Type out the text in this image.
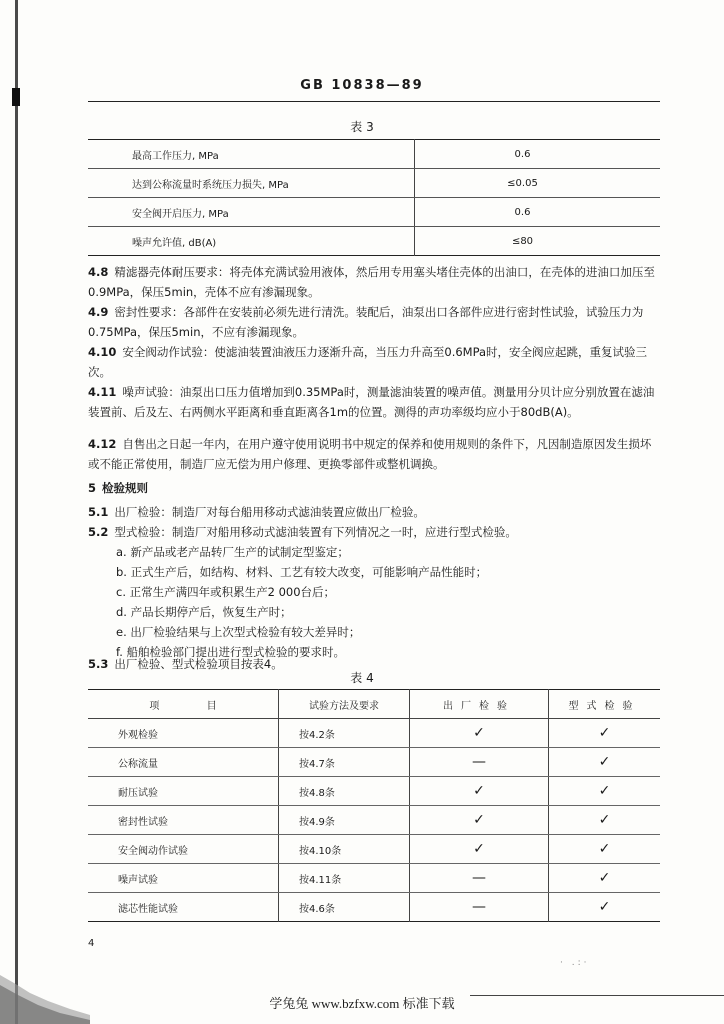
GB 10838—89
表 3
最高工作压力, MPa	0.6
达到公称流量时系统压力损失, MPa	≤0.05
安全阀开启压力, MPa	0.6
噪声允许值, dB(A)	≤80
4.8 精滤器壳体耐压要求：将壳体充满试验用液体，然后用专用塞头堵住壳体的出油口，在壳体的进油口加压至0.9MPa，保压5min，壳体不应有渗漏现象。
4.9 密封性要求：各部件在安装前必须先进行清洗。装配后，油泵出口各部件应进行密封性试验，试验压力为0.75MPa，保压5min，不应有渗漏现象。
4.10 安全阀动作试验：使滤油装置油液压力逐渐升高，当压力升高至0.6MPa时，安全阀应起跳，重复试验三次。
4.11 噪声试验：油泵出口压力值增加到0.35MPa时，测量滤油装置的噪声值。测量用分贝计应分别放置在滤油装置前、后及左、右两侧水平距离和垂直距离各1m的位置。测得的声功率级均应小于80dB(A)。
4.12 自售出之日起一年内，在用户遵守使用说明书中规定的保养和使用规则的条件下，凡因制造原因发生损坏或不能正常使用，制造厂应无偿为用户修理、更换零部件或整机调换。
5 检验规则
5.1 出厂检验：制造厂对每台船用移动式滤油装置应做出厂检验。
5.2 型式检验：制造厂对船用移动式滤油装置有下列情况之一时，应进行型式检验。
a. 新产品或老产品转厂生产的试制定型鉴定；
b. 正式生产后，如结构、材料、工艺有较大改变，可能影响产品性能时；
c. 正常生产满四年或积累生产2 000台后；
d. 产品长期停产后，恢复生产时；
e. 出厂检验结果与上次型式检验有较大差异时；
f. 船舶检验部门提出进行型式检验的要求时。
5.3 出厂检验、型式检验项目按表4。
表 4
项 目	试验方法及要求	出厂检验	型式检验
外观检验	按4.2条	✓	✓
公称流量	按4.7条	—	✓
耐压试验	按4.8条	✓	✓
密封性试验	按4.9条	✓	✓
安全阀动作试验	按4.10条	✓	✓
噪声试验	按4.11条	—	✓
滤芯性能试验	按4.6条	—	✓
4
· .:·
学兔兔 www.bzfxw.com 标准下载
